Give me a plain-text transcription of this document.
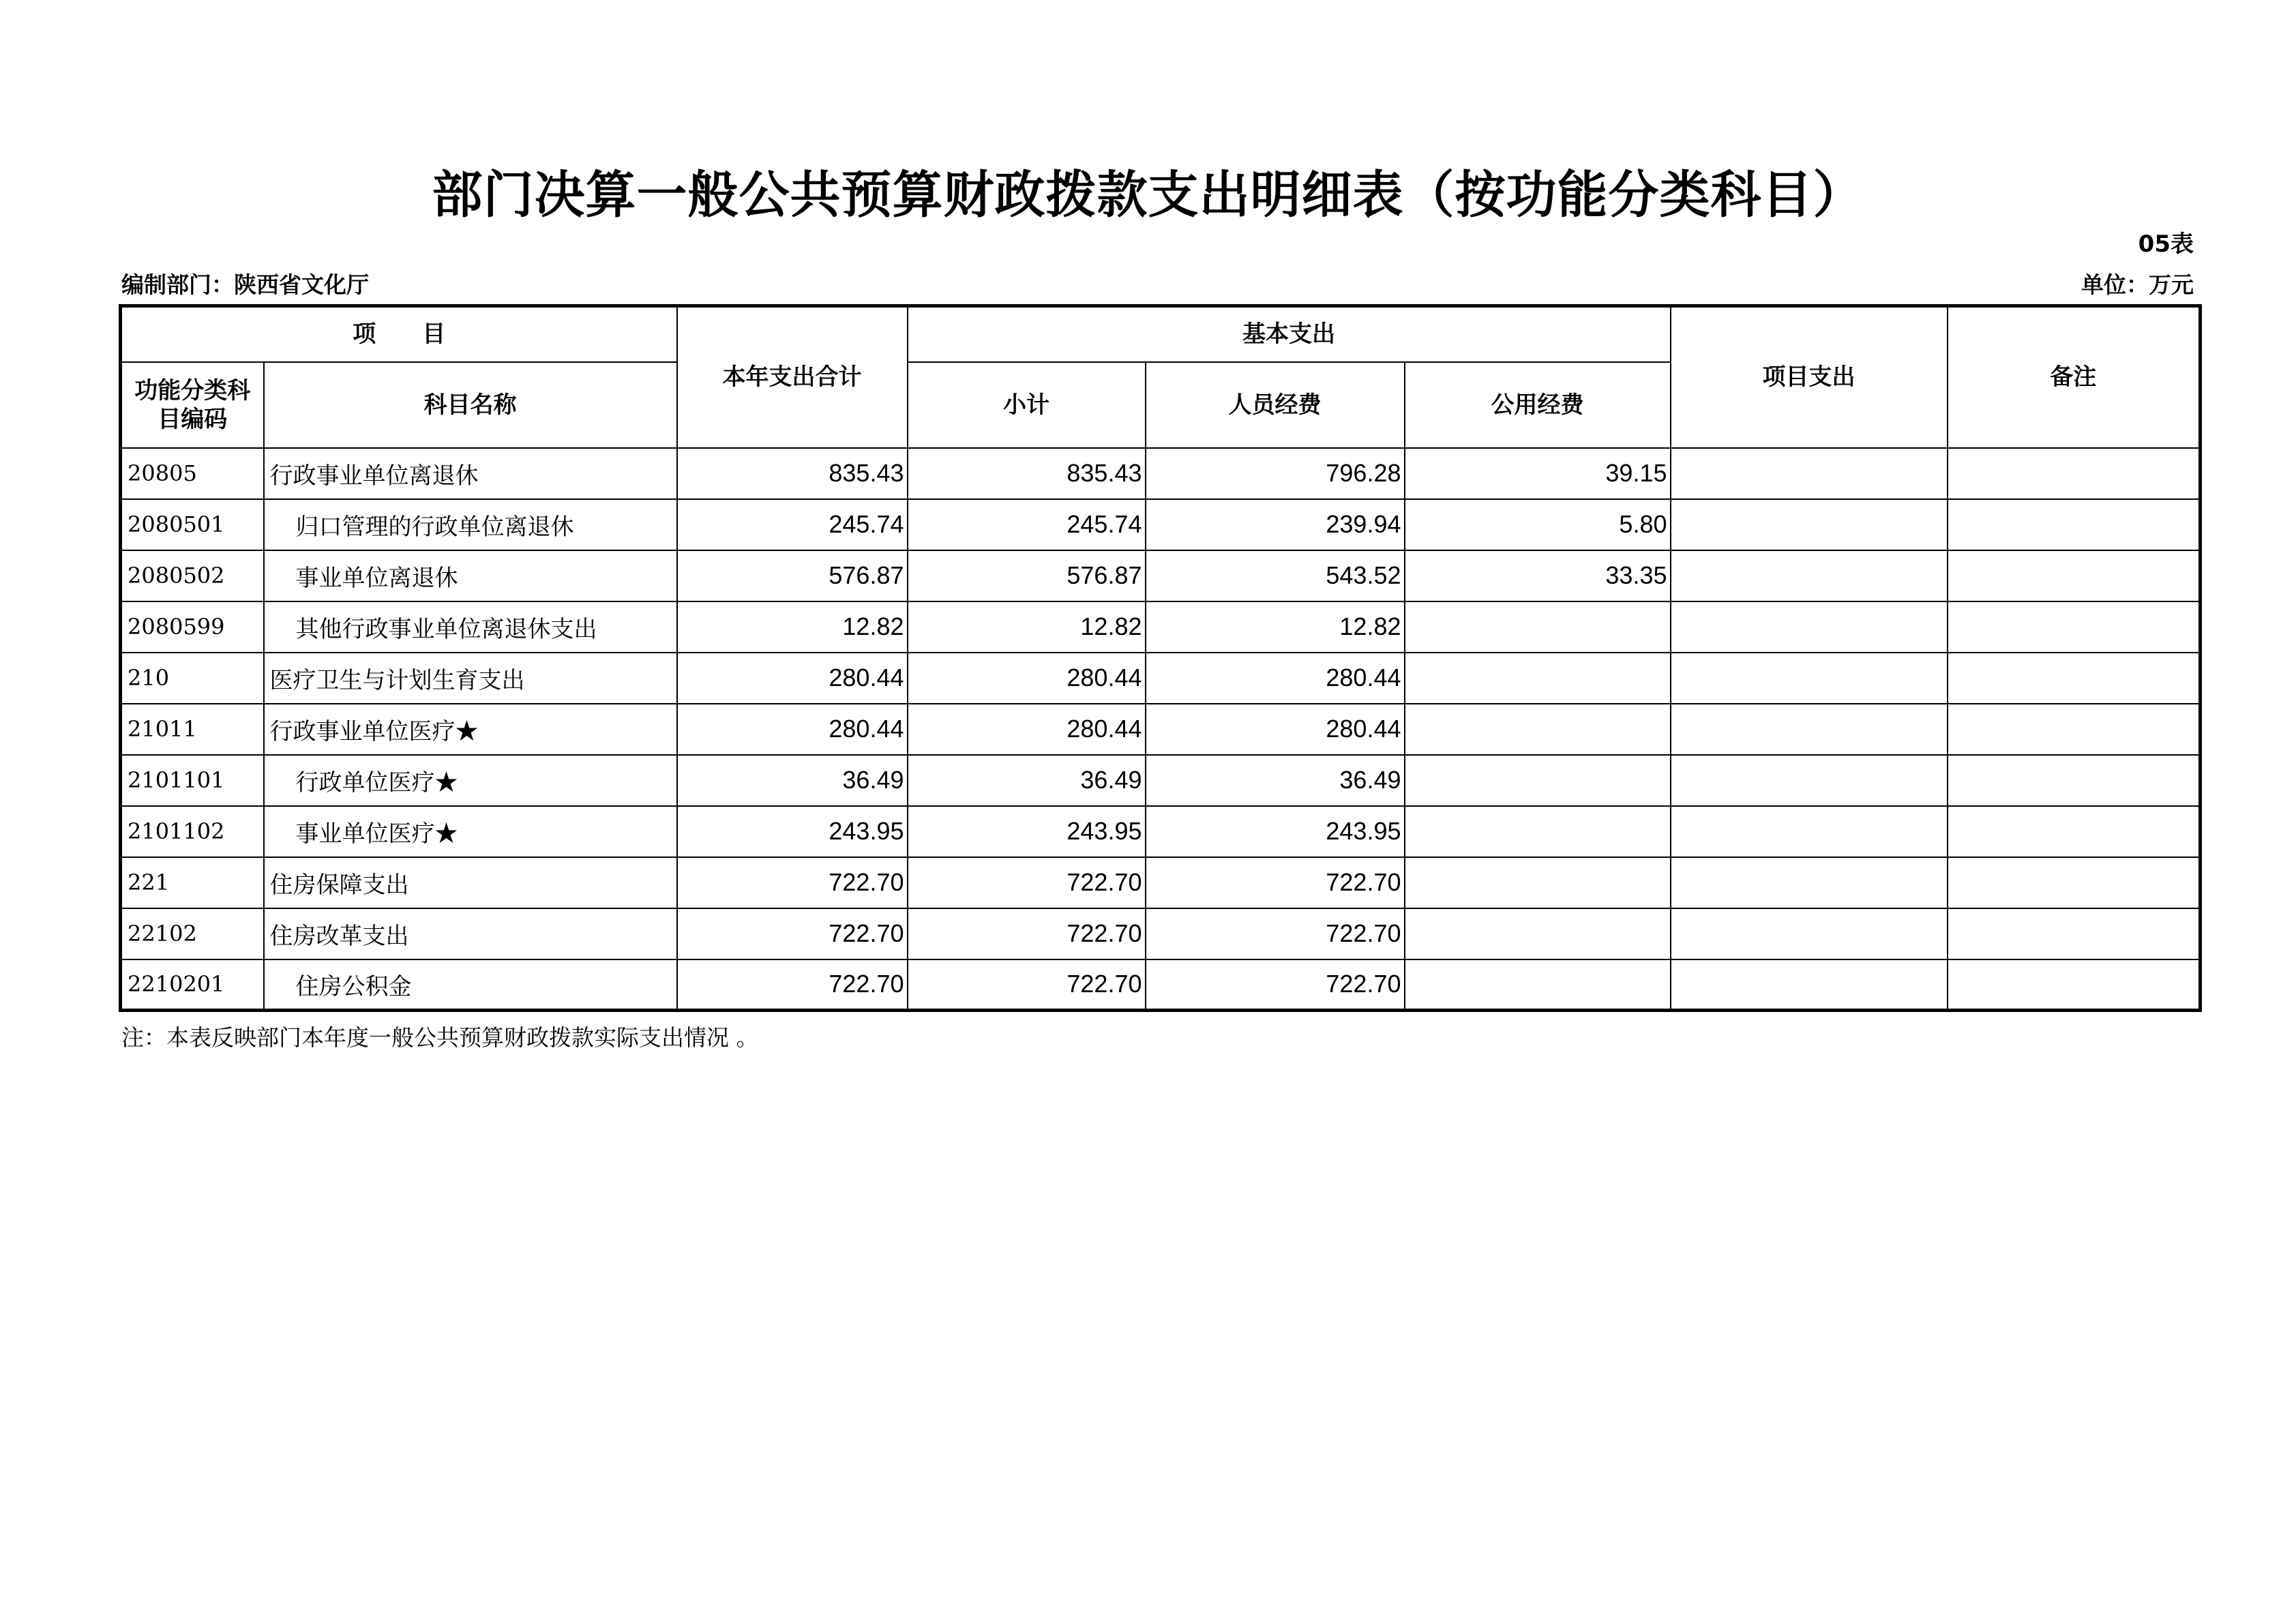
部门决算一般公共预算财政拨款支出明细表（按功能分类科目）
05表
编制部门：陕西省文化厅	单位：万元
项　　目		本年支出合计	基本支出			项目支出	备注
功能分类科目编码	科目名称		小计	人员经费	公用经费		
20805	行政事业单位离退休	835.43	835.43	796.28	39.15		
2080501	归口管理的行政单位离退休	245.74	245.74	239.94	5.80		
2080502	事业单位离退休	576.87	576.87	543.52	33.35		
2080599	其他行政事业单位离退休支出	12.82	12.82	12.82			
210	医疗卫生与计划生育支出	280.44	280.44	280.44			
21011	行政事业单位医疗★	280.44	280.44	280.44			
2101101	行政单位医疗★	36.49	36.49	36.49			
2101102	事业单位医疗★	243.95	243.95	243.95			
221	住房保障支出	722.70	722.70	722.70			
22102	住房改革支出	722.70	722.70	722.70			
2210201	住房公积金	722.70	722.70	722.70			
注：本表反映部门本年度一般公共预算财政拨款实际支出情况 。
